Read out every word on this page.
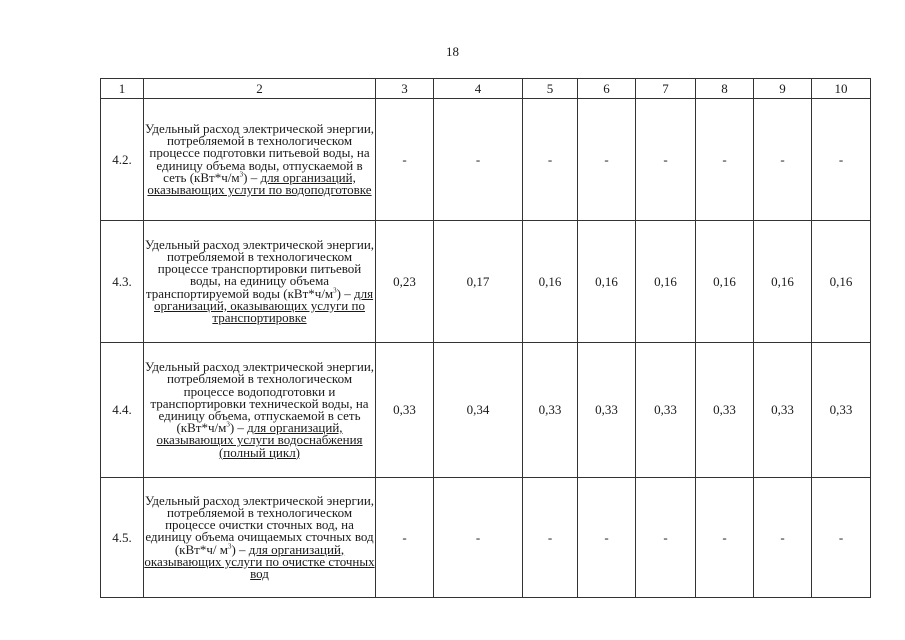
18
1	2	3	4	5	6	7	8	9	10
4.2.	Удельный расход электрической энергии, потребляемой в технологическом процессе подготовки питьевой воды, на единицу объема воды, отпускаемой в сеть $(кВт*ч/м^3)$ – для организаций, оказывающих услуги по водоподготовке	-	-	-	-	-	-	-	-
4.3.	Удельный расход электрической энергии, потребляемой в технологическом процессе транспортировки питьевой воды, на единицу объема транспортируемой воды $(кВт*ч/м^3)$ – для организаций, оказывающих услуги по транспортировке	0,23	0,17	0,16	0,16	0,16	0,16	0,16	0,16
4.4.	Удельный расход электрической энергии, потребляемой в технологическом процессе водоподготовки и транспортировки технической воды, на единицу объема, отпускаемой в сеть $(кВт*ч/м^3)$ – для организаций, оказывающих услуги водоснабжения (полный цикл)	0,33	0,34	0,33	0,33	0,33	0,33	0,33	0,33
4.5.	Удельный расход электрической энергии, потребляемой в технологическом процессе очистки сточных вод, на единицу объема очищаемых сточных вод (кВт*ч/ $м^3$) – для организаций, оказывающих услуги по очистке сточных вод	-	-	-	-	-	-	-	-
